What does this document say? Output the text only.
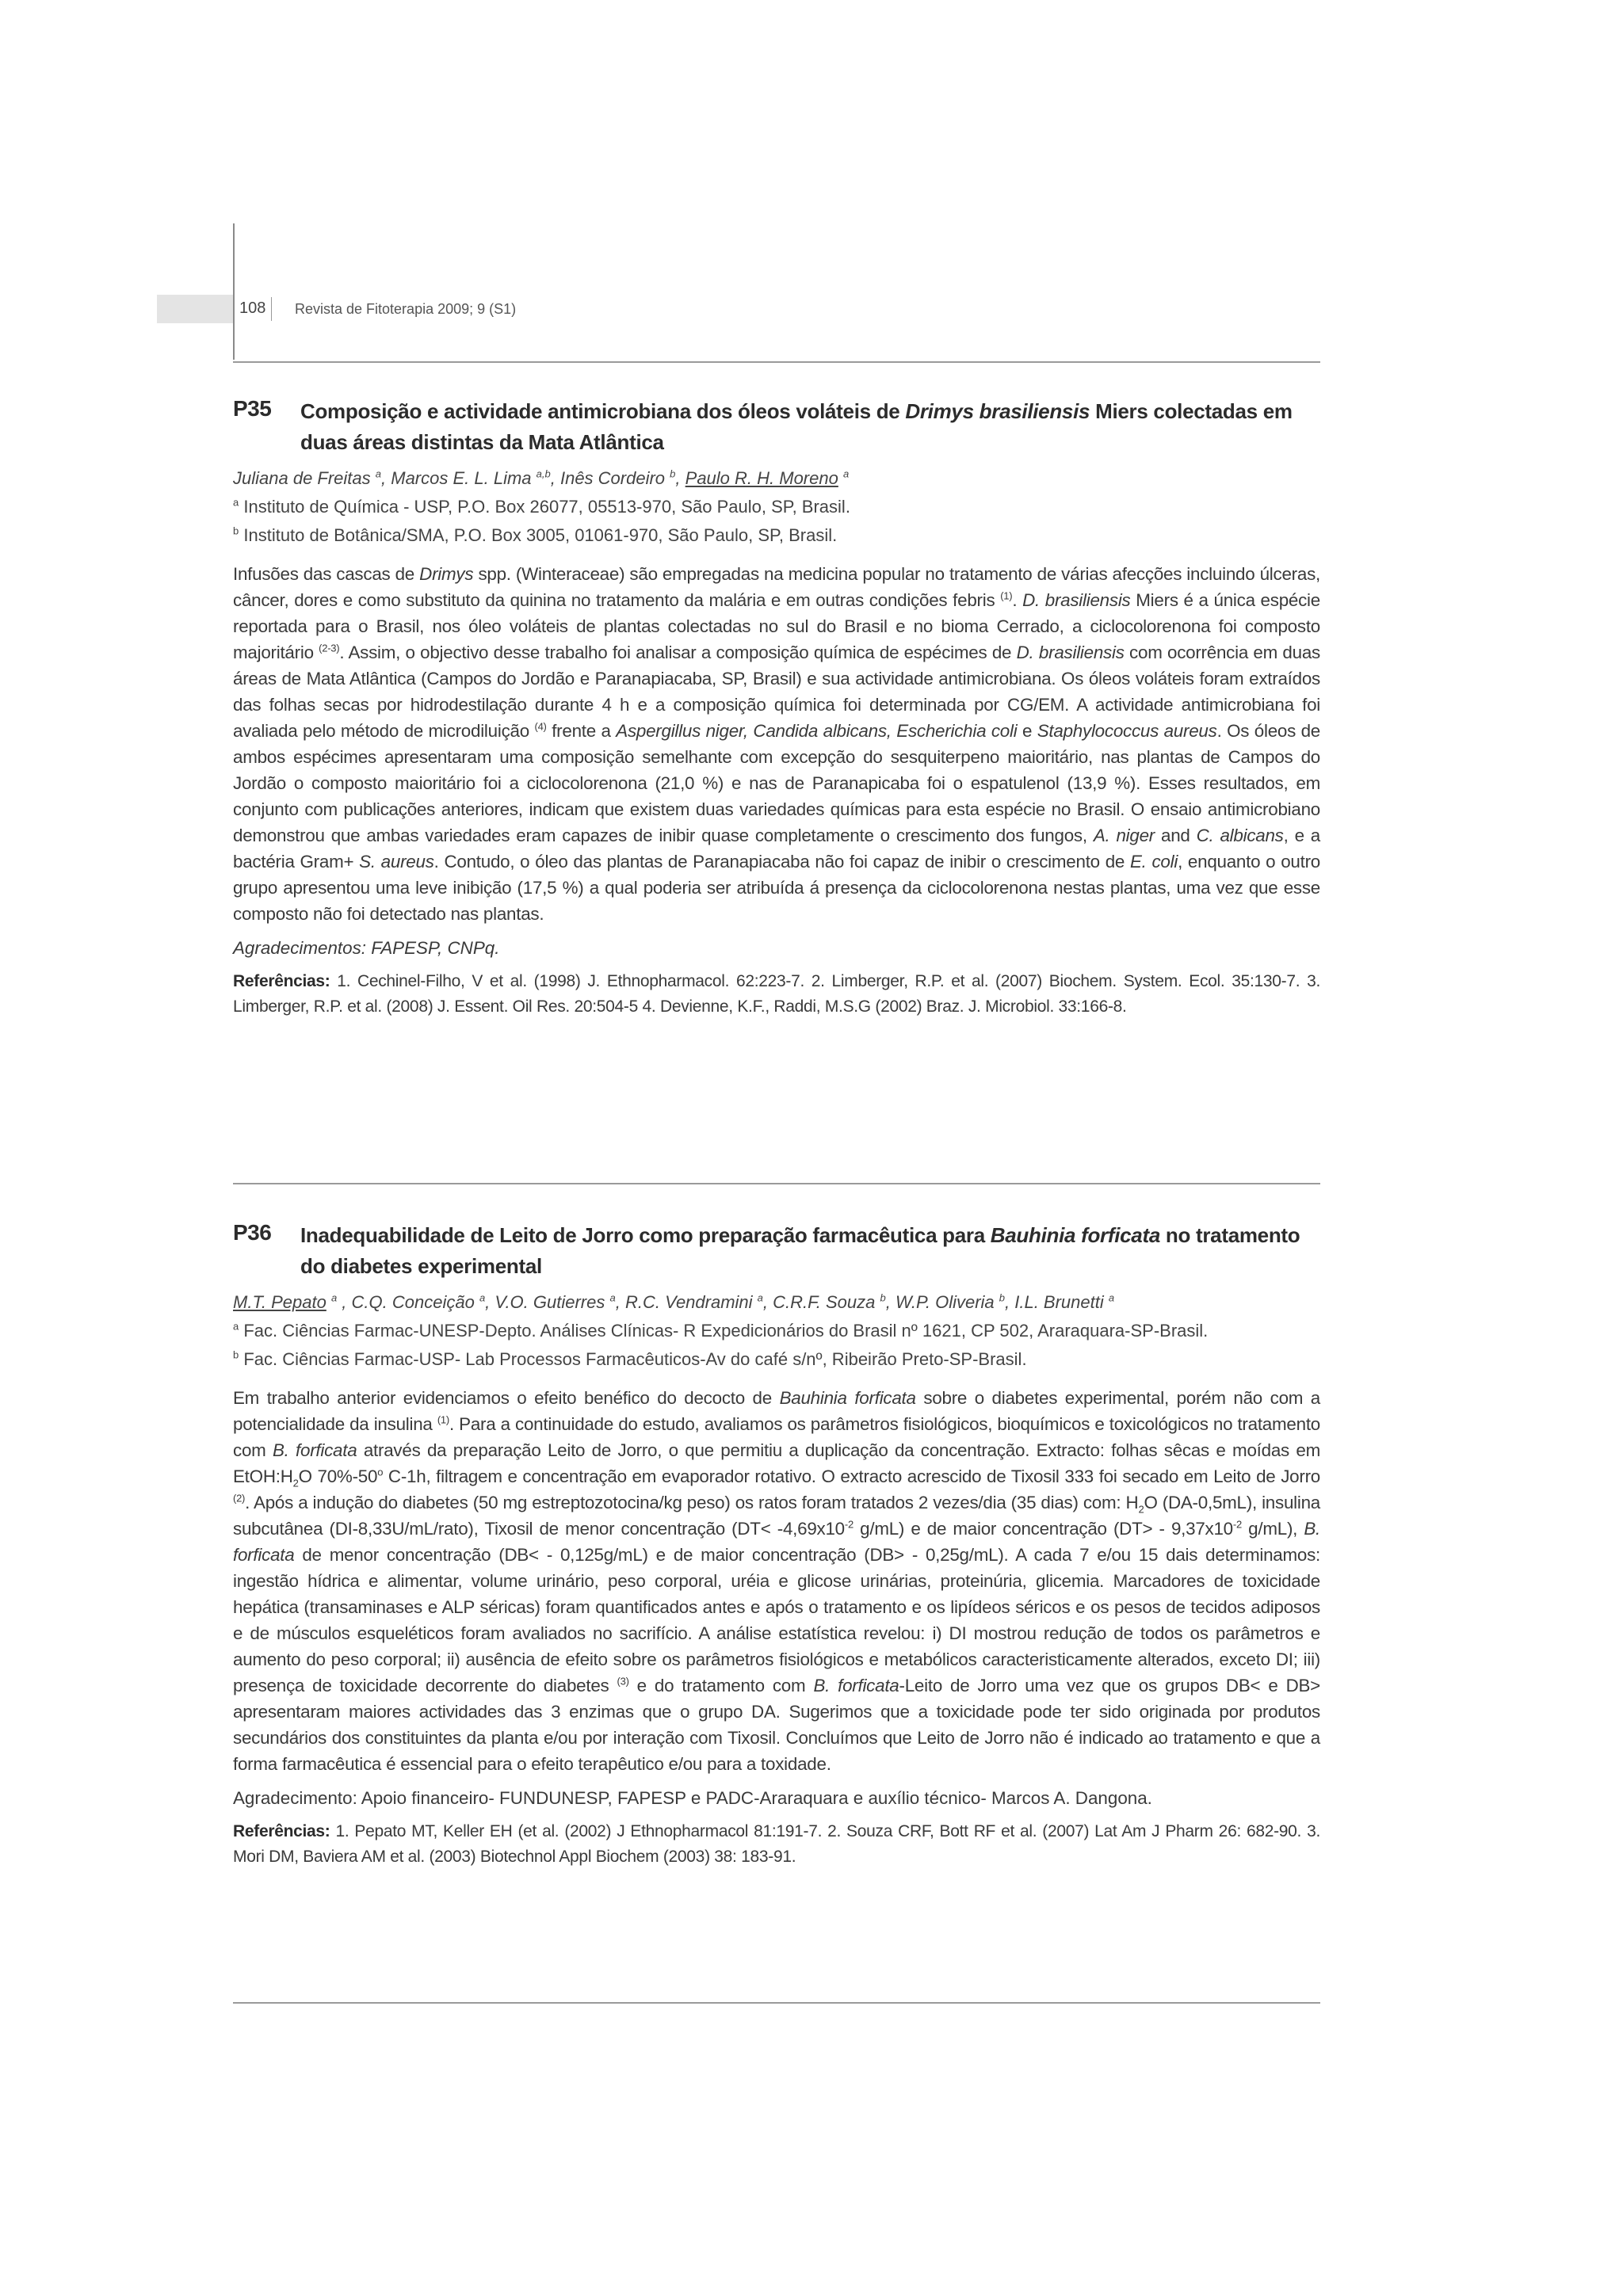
108 Revista de Fitoterapia 2009; 9 (S1)
P35 Composição e actividade antimicrobiana dos óleos voláteis de Drimys brasiliensis Miers colectadas em duas áreas distintas da Mata Atlântica
Juliana de Freitas $^a$, Marcos E. L. Lima $^{a,b}$, Inês Cordeiro $^b$, Paulo R. H. Moreno $^a$
$^a$ Instituto de Química - USP, P.O. Box 26077, 05513-970, São Paulo, SP, Brasil.
$^b$ Instituto de Botânica/SMA, P.O. Box 3005, 01061-970, São Paulo, SP, Brasil.
Infusões das cascas de Drimys spp. (Winteraceae) são empregadas na medicina popular no tratamento de várias afecções incluindo úlceras, câncer, dores e como substituto da quinina no tratamento da malária e em outras condições febris $^{(1)}$. D. brasiliensis Miers é a única espécie reportada para o Brasil, nos óleo voláteis de plantas colectadas no sul do Brasil e no bioma Cerrado, a ciclocolorenona foi composto majoritário $^{(2-3)}$. Assim, o objectivo desse trabalho foi analisar a composição química de espécimes de D. brasiliensis com ocorrência em duas áreas de Mata Atlântica (Campos do Jordão e Paranapiacaba, SP, Brasil) e sua actividade antimicrobiana. Os óleos voláteis foram extraídos das folhas secas por hidrodestilação durante 4 h e a composição química foi determinada por CG/EM. A actividade antimicrobiana foi avaliada pelo método de microdiluição $^{(4)}$ frente a Aspergillus niger, Candida albicans, Escherichia coli e Staphylococcus aureus. Os óleos de ambos espécimes apresentaram uma composição semelhante com excepção do sesquiterpeno maioritário, nas plantas de Campos do Jordão o composto maioritário foi a ciclocolorenona (21,0 %) e nas de Paranapicaba foi o espatulenol (13,9 %). Esses resultados, em conjunto com publicações anteriores, indicam que existem duas variedades químicas para esta espécie no Brasil. O ensaio antimicrobiano demonstrou que ambas variedades eram capazes de inibir quase completamente o crescimento dos fungos, A. niger and C. albicans, e a bactéria Gram+ S. aureus. Contudo, o óleo das plantas de Paranapiacaba não foi capaz de inibir o crescimento de E. coli, enquanto o outro grupo apresentou uma leve inibição (17,5 %) a qual poderia ser atribuída á presença da ciclocolorenona nestas plantas, uma vez que esse composto não foi detectado nas plantas.
Agradecimentos: FAPESP, CNPq.
Referências: 1. Cechinel-Filho, V et al. (1998) J. Ethnopharmacol. 62:223-7. 2. Limberger, R.P. et al. (2007) Biochem. System. Ecol. 35:130-7. 3. Limberger, R.P. et al. (2008) J. Essent. Oil Res. 20:504-5 4. Devienne, K.F., Raddi, M.S.G (2002) Braz. J. Microbiol. 33:166-8.
P36 Inadequabilidade de Leito de Jorro como preparação farmacêutica para Bauhinia forficata no tratamento do diabetes experimental
M.T. Pepato $^a$ , C.Q. Conceição $^a$, V.O. Gutierres $^a$, R.C. Vendramini $^a$, C.R.F. Souza $^b$, W.P. Oliveria $^b$, I.L. Brunetti $^a$
$^a$ Fac. Ciências Farmac-UNESP-Depto. Análises Clínicas- R Expedicionários do Brasil nº 1621, CP 502, Araraquara-SP-Brasil.
$^b$ Fac. Ciências Farmac-USP- Lab Processos Farmacêuticos-Av do café s/nº, Ribeirão Preto-SP-Brasil.
Em trabalho anterior evidenciamos o efeito benéfico do decocto de Bauhinia forficata sobre o diabetes experimental, porém não com a potencialidade da insulina $^{(1)}$. Para a continuidade do estudo, avaliamos os parâmetros fisiológicos, bioquímicos e toxicológicos no tratamento com B. forficata através da preparação Leito de Jorro, o que permitiu a duplicação da concentração. Extracto: folhas sêcas e moídas em $EtOH:H_2O$ 70%-50$^o$ C-1h, filtragem e concentração em evaporador rotativo. O extracto acrescido de Tixosil 333 foi secado em Leito de Jorro $^{(2)}$. Após a indução do diabetes (50 mg estreptozotocina/kg peso) os ratos foram tratados 2 vezes/dia (35 dias) com: $H_2O$ (DA-0,5mL), insulina subcutânea (DI-8,33U/mL/rato), Tixosil de menor concentração ($DT< -4,69x10^{-2}$ g/mL) e de maior concentração ($DT> - 9,37x10^{-2}$ g/mL), B. forficata de menor concentração (DB< - 0,125g/mL) e de maior concentração (DB> - 0,25g/mL). A cada 7 e/ou 15 dais determinamos: ingestão hídrica e alimentar, volume urinário, peso corporal, uréia e glicose urinárias, proteinúria, glicemia. Marcadores de toxicidade hepática (transaminases e ALP séricas) foram quantificados antes e após o tratamento e os lipídeos séricos e os pesos de tecidos adiposos e de músculos esqueléticos foram avaliados no sacrifício. A análise estatística revelou: i) DI mostrou redução de todos os parâmetros e aumento do peso corporal; ii) ausência de efeito sobre os parâmetros fisiológicos e metabólicos caracteristicamente alterados, exceto DI; iii) presença de toxicidade decorrente do diabetes $^{(3)}$ e do tratamento com B. forficata-Leito de Jorro uma vez que os grupos DB< e DB> apresentaram maiores actividades das 3 enzimas que o grupo DA. Sugerimos que a toxicidade pode ter sido originada por produtos secundários dos constituintes da planta e/ou por interação com Tixosil. Concluímos que Leito de Jorro não é indicado ao tratamento e que a forma farmacêutica é essencial para o efeito terapêutico e/ou para a toxidade.
Agradecimento: Apoio financeiro- FUNDUNESP, FAPESP e PADC-Araraquara e auxílio técnico- Marcos A. Dangona.
Referências: 1. Pepato MT, Keller EH (et al. (2002) J Ethnopharmacol 81:191-7. 2. Souza CRF, Bott RF et al. (2007) Lat Am J Pharm 26: 682-90. 3. Mori DM, Baviera AM et al. (2003) Biotechnol Appl Biochem (2003) 38: 183-91.
